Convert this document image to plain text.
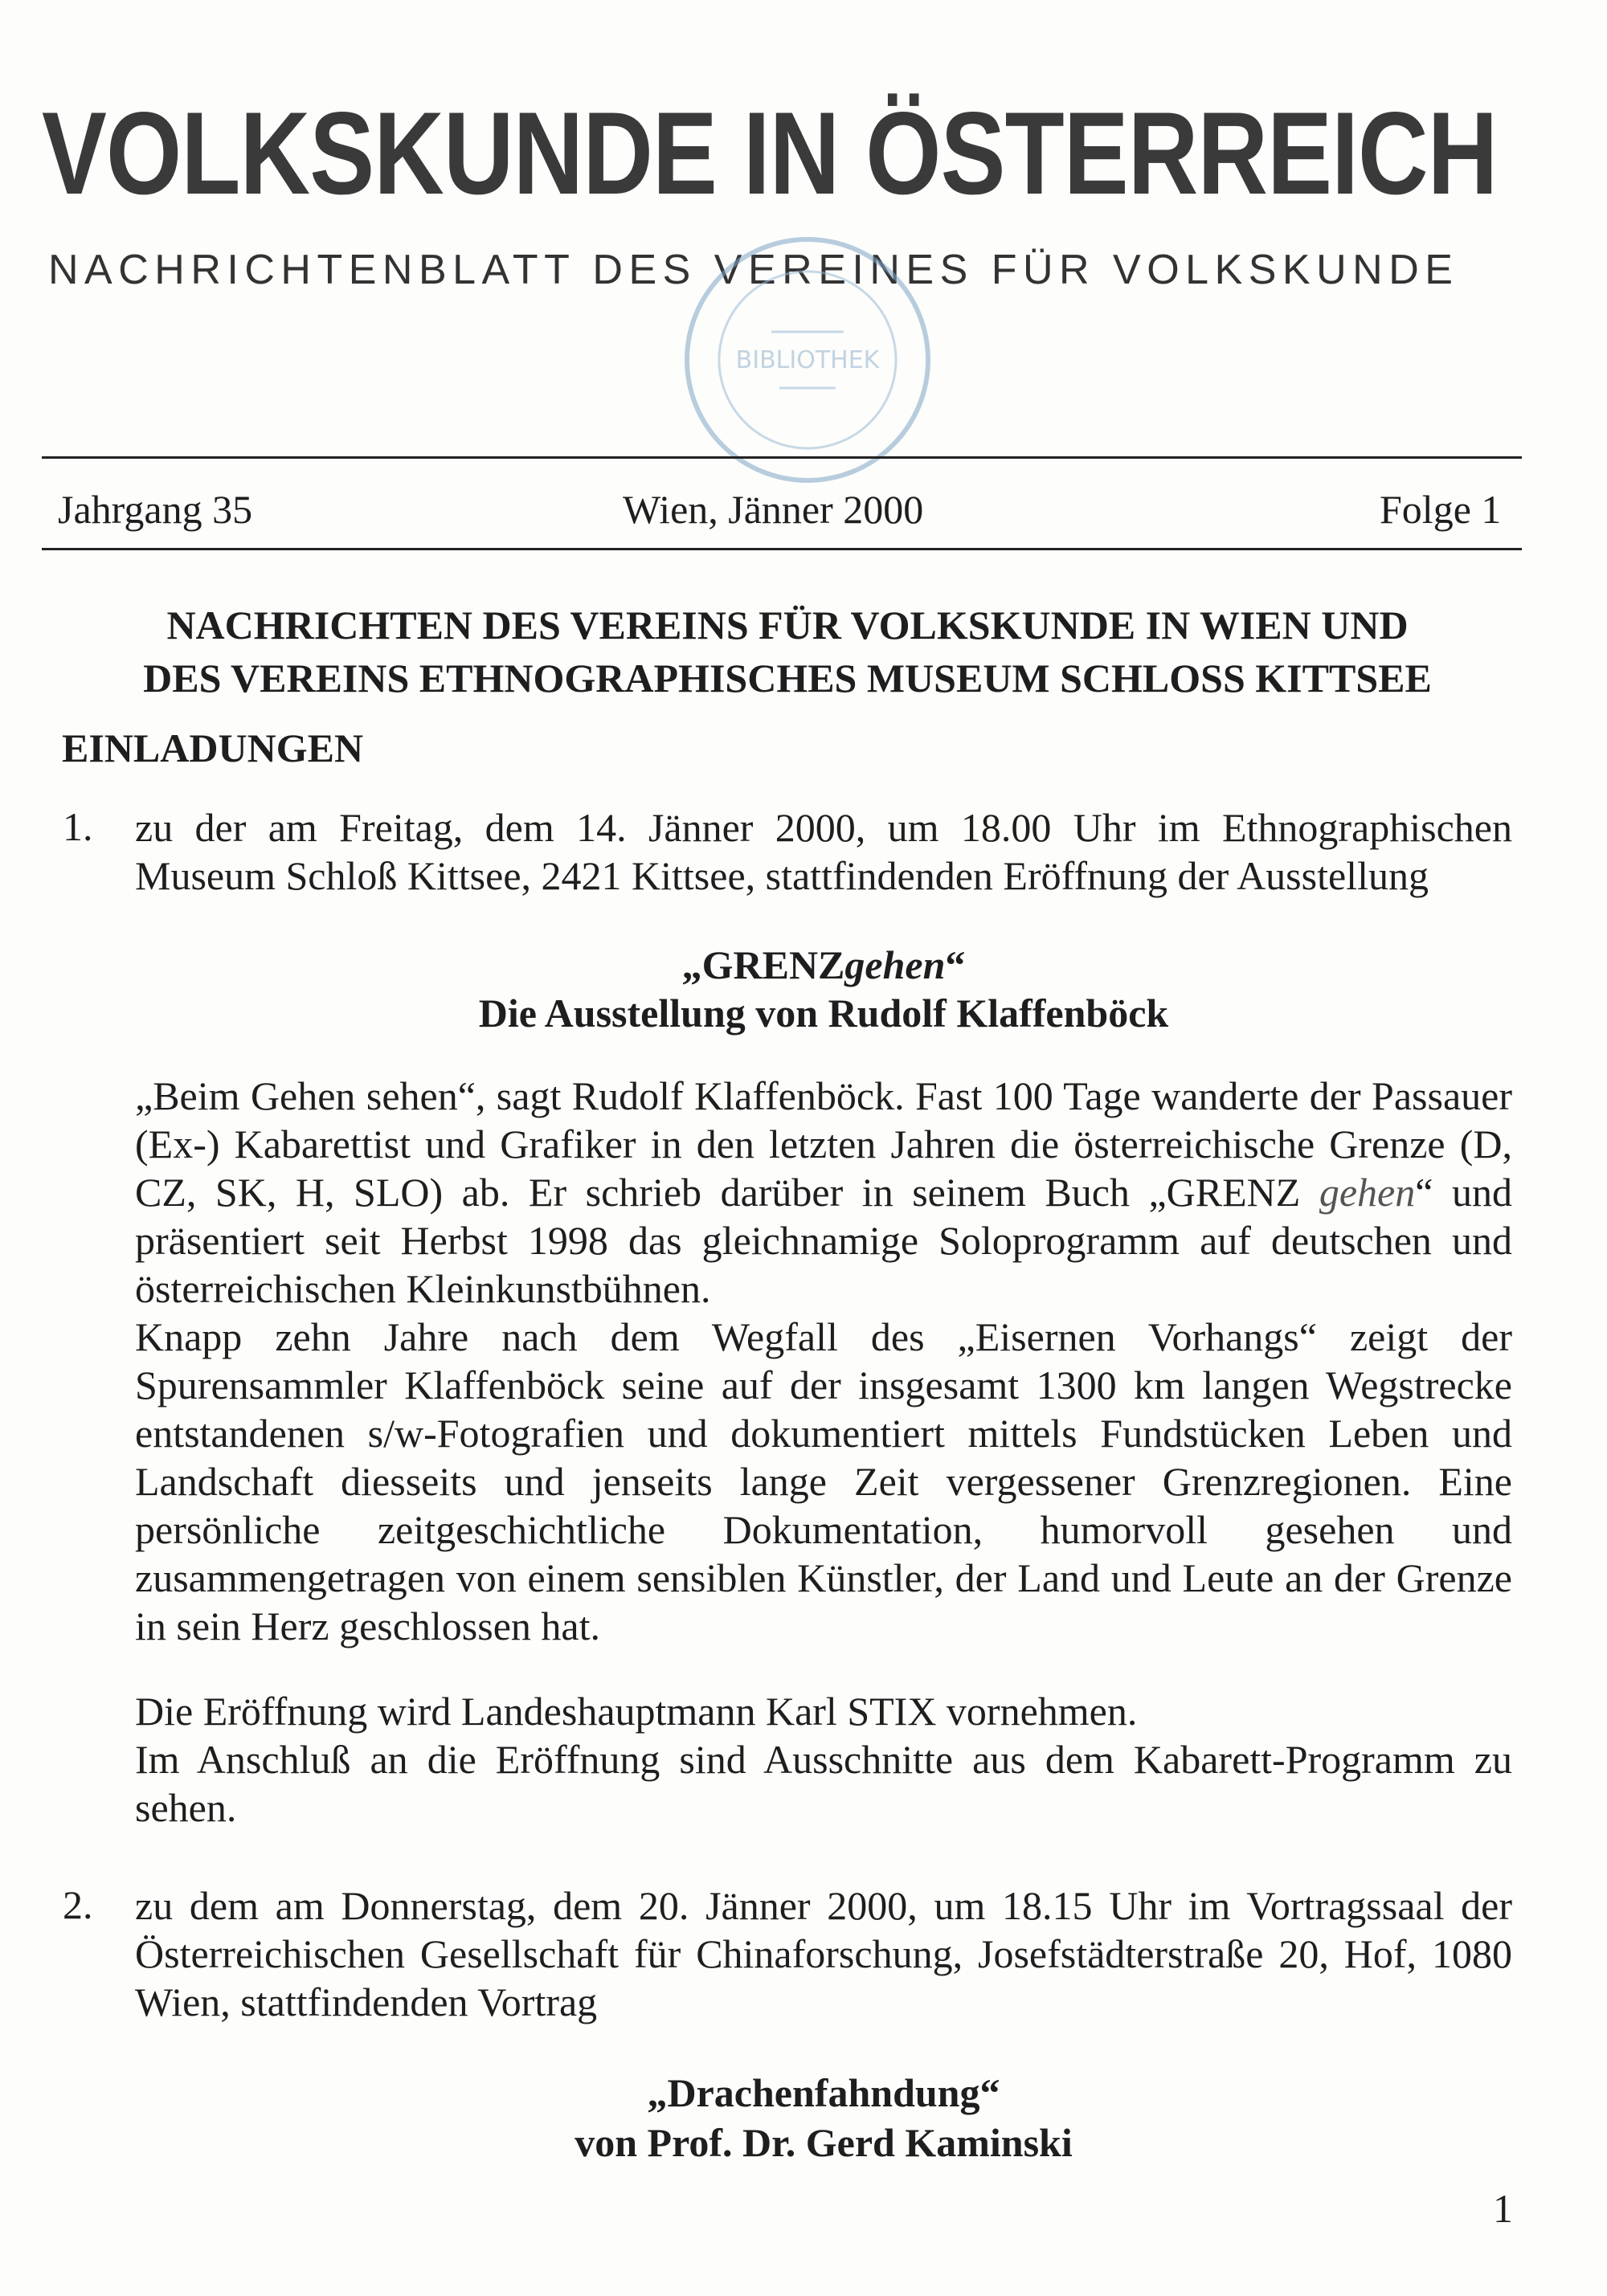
VOLKSKUNDE IN ÖSTERREICH
NACHRICHTENBLATT DES VEREINES FÜR VOLKSKUNDE
BIBLIOTHEK
Jahrgang 35	Wien, Jänner 2000	Folge 1
NACHRICHTEN DES VEREINS FÜR VOLKSKUNDE IN WIEN UND
DES VEREINS ETHNOGRAPHISCHES MUSEUM SCHLOSS KITTSEE
EINLADUNGEN
1. zu der am Freitag, dem 14. Jänner 2000, um 18.00 Uhr im Ethnographischen Museum Schloß Kittsee, 2421 Kittsee, stattfindenden Eröffnung der Ausstellung
„GRENZgehen“
Die Ausstellung von Rudolf Klaffenböck
„Beim Gehen sehen“, sagt Rudolf Klaffenböck. Fast 100 Tage wanderte der Passauer (Ex-) Kabarettist und Grafiker in den letzten Jahren die österreichische Grenze (D, CZ, SK, H, SLO) ab. Er schrieb darüber in seinem Buch „GRENZ gehen“ und präsentiert seit Herbst 1998 das gleichnamige Soloprogramm auf deutschen und österreichischen Kleinkunstbühnen.
Knapp zehn Jahre nach dem Wegfall des „Eisernen Vorhangs“ zeigt der Spurensammler Klaffenböck seine auf der insgesamt 1300 km langen Wegstrecke entstandenen s/w-Fotografien und dokumentiert mittels Fundstücken Leben und Landschaft diesseits und jenseits lange Zeit vergessener Grenzregionen. Eine persönliche zeitgeschichtliche Dokumentation, humorvoll gesehen und zusammengetragen von einem sensiblen Künstler, der Land und Leute an der Grenze in sein Herz geschlossen hat.
Die Eröffnung wird Landeshauptmann Karl STIX vornehmen.
Im Anschluß an die Eröffnung sind Ausschnitte aus dem Kabarett-Programm zu sehen.
2. zu dem am Donnerstag, dem 20. Jänner 2000, um 18.15 Uhr im Vortragssaal der Österreichischen Gesellschaft für Chinaforschung, Josefstädterstraße 20, Hof, 1080 Wien, stattfindenden Vortrag
„Drachenfahndung“
von Prof. Dr. Gerd Kaminski
1
